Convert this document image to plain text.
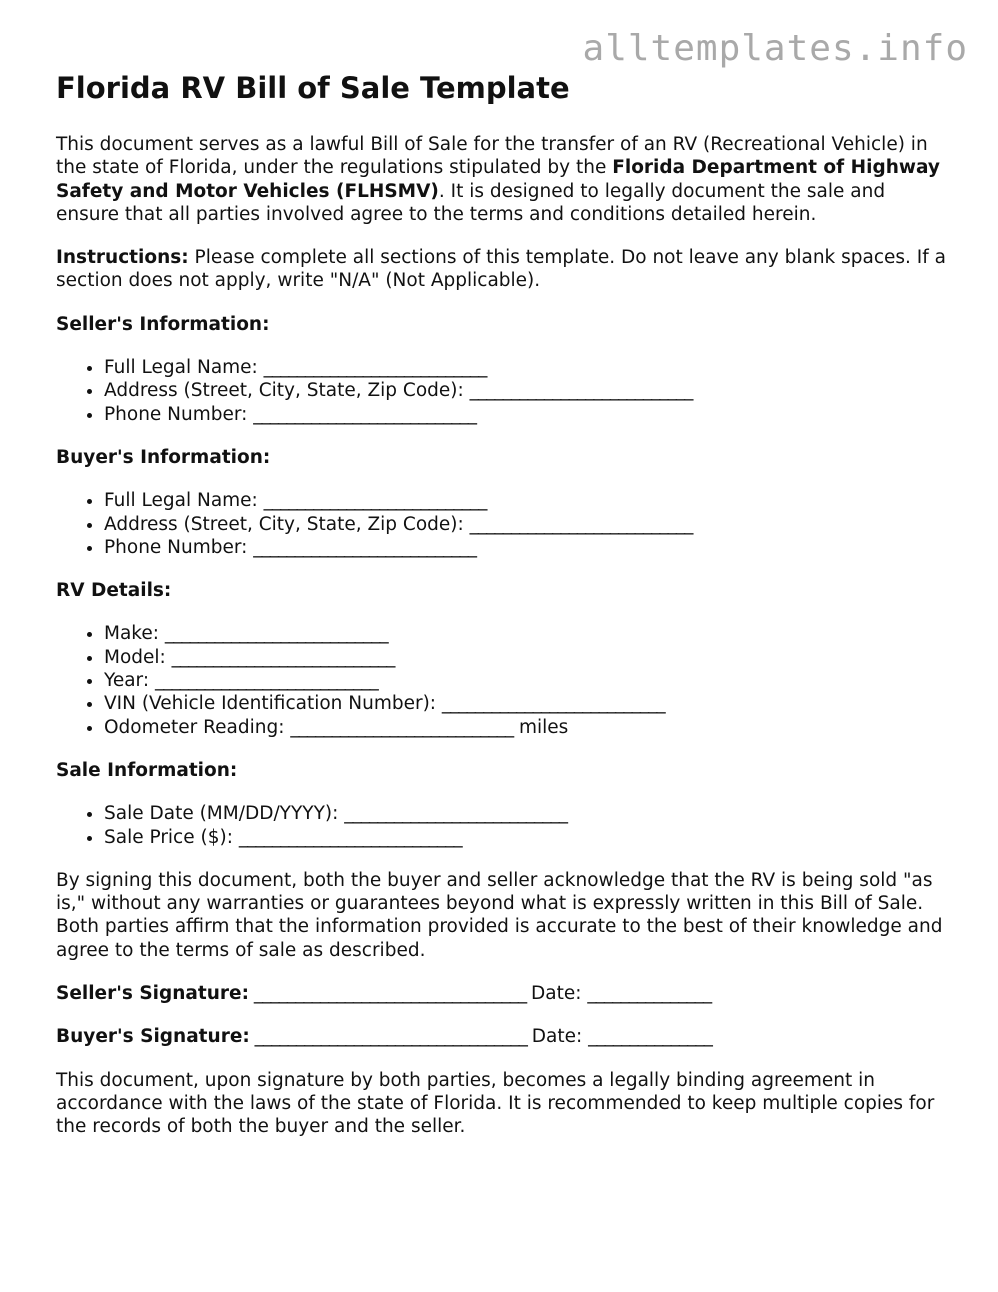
alltemplates.info
Florida RV Bill of Sale Template

This document serves as a lawful Bill of Sale for the transfer of an RV (Recreational Vehicle) in the state of Florida, under the regulations stipulated by the Florida Department of Highway Safety and Motor Vehicles (FLHSMV). It is designed to legally document the sale and ensure that all parties involved agree to the terms and conditions detailed herein.

Instructions: Please complete all sections of this template. Do not leave any blank spaces. If a section does not apply, write "N/A" (Not Applicable).

Seller's Information:

• Full Legal Name: ___________________________
• Address (Street, City, State, Zip Code): ___________________________
• Phone Number: ___________________________

Buyer's Information:

• Full Legal Name: ___________________________
• Address (Street, City, State, Zip Code): ___________________________
• Phone Number: ___________________________

RV Details:

• Make: ___________________________
• Model: ___________________________
• Year: ___________________________
• VIN (Vehicle Identification Number): ___________________________
• Odometer Reading: ___________________________ miles

Sale Information:

• Sale Date (MM/DD/YYYY): ___________________________
• Sale Price ($): ___________________________

By signing this document, both the buyer and seller acknowledge that the RV is being sold "as is," without any warranties or guarantees beyond what is expressly written in this Bill of Sale. Both parties affirm that the information provided is accurate to the best of their knowledge and agree to the terms of sale as described.

Seller's Signature: _________________________________ Date: _______________

Buyer's Signature: _________________________________ Date: _______________

This document, upon signature by both parties, becomes a legally binding agreement in accordance with the laws of the state of Florida. It is recommended to keep multiple copies for the records of both the buyer and the seller.
